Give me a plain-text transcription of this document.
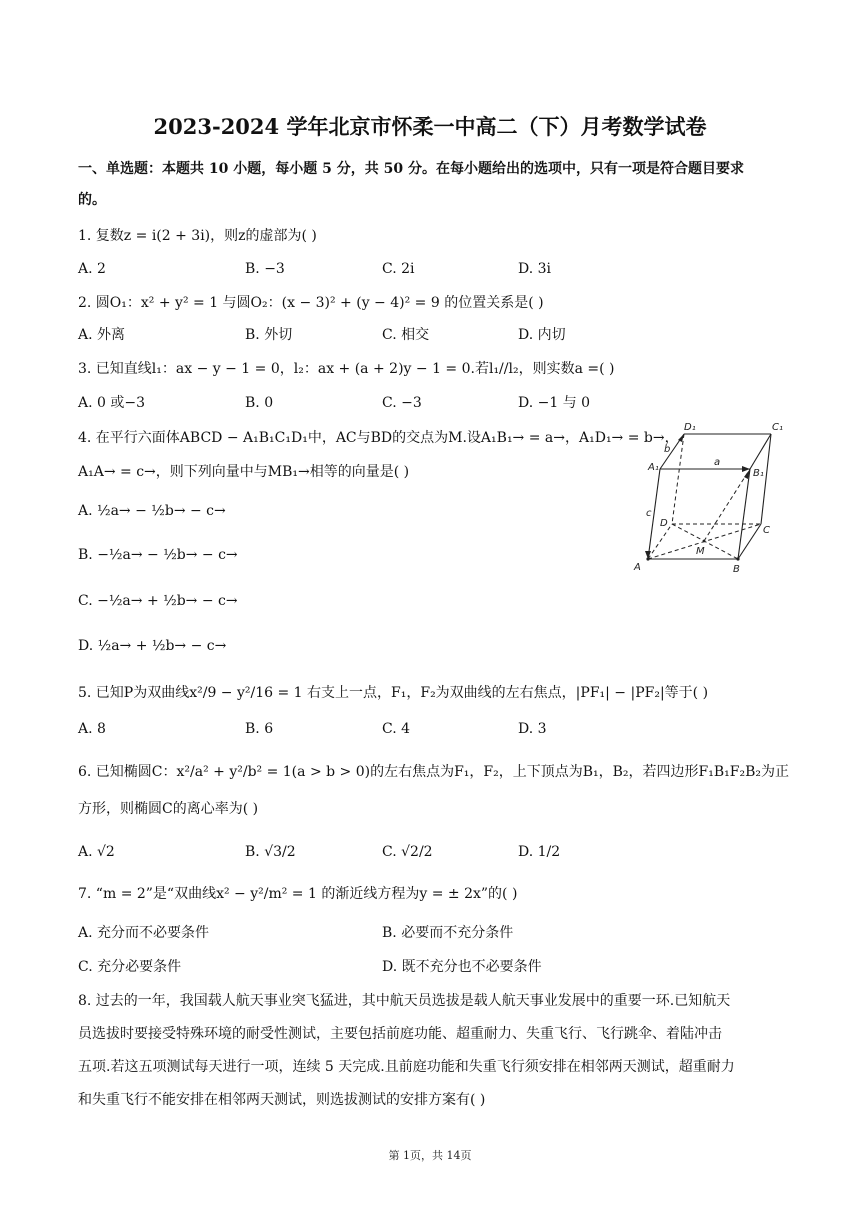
2023-2024 学年北京市怀柔一中高二（下）月考数学试卷
一、单选题：本题共 10 小题，每小题 5 分，共 50 分。在每小题给出的选项中，只有一项是符合题目要求
的。
1. 复数z = i(2 + 3i)，则z的虚部为( )
A. 2	B. −3	C. 2i	D. 3i
2. 圆O₁：x² + y² = 1 与圆O₂：(x − 3)² + (y − 4)² = 9 的位置关系是( )
A. 外离	B. 外切	C. 相交	D. 内切
3. 已知直线l₁：ax − y − 1 = 0，l₂：ax + (a + 2)y − 1 = 0.若l₁//l₂，则实数a =( )
A. 0 或−3	B. 0	C. −3	D. −1 与 0
4. 在平行六面体ABCD − A₁B₁C₁D₁中，AC与BD的交点为M.设A₁B₁→ = a→，A₁D₁→ = b→，
A₁A→ = c→，则下列向量中与MB₁→相等的向量是( )
A. ½a→ − ½b→ − c→
B. −½a→ − ½b→ − c→
C. −½a→ + ½b→ − c→
D. ½a→ + ½b→ − c→
D₁	C₁
A₁
B₁
a
b
c
D
C
M
A	B
5. 已知P为双曲线x²/9 − y²/16 = 1 右支上一点，F₁，F₂为双曲线的左右焦点，|PF₁| − |PF₂|等于( )
A. 8	B. 6	C. 4	D. 3
6. 已知椭圆C：x²/a² + y²/b² = 1(a > b > 0)的左右焦点为F₁，F₂，上下顶点为B₁，B₂，若四边形F₁B₁F₂B₂为正
方形，则椭圆C的离心率为( )
A. √2	B. √3/2	C. √2/2	D. 1/2
7. “m = 2”是“双曲线x² − y²/m² = 1 的渐近线方程为y = ± 2x”的( )
A. 充分而不必要条件	B. 必要而不充分条件
C. 充分必要条件	D. 既不充分也不必要条件
8. 过去的一年，我国载人航天事业突飞猛进，其中航天员选拔是载人航天事业发展中的重要一环.已知航天
员选拔时要接受特殊环境的耐受性测试，主要包括前庭功能、超重耐力、失重飞行、飞行跳伞、着陆冲击
五项.若这五项测试每天进行一项，连续 5 天完成.且前庭功能和失重飞行须安排在相邻两天测试，超重耐力
和失重飞行不能安排在相邻两天测试，则选拔测试的安排方案有( )
第 1页，共 14页
